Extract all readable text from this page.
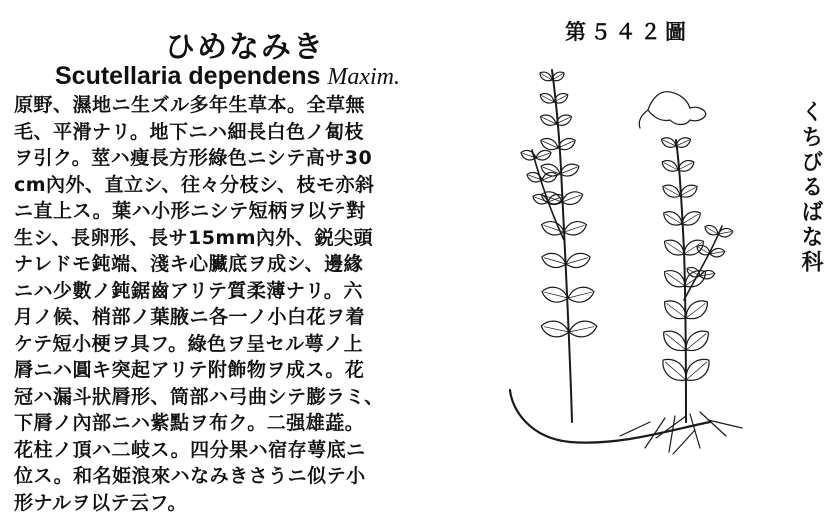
ひめなみき
Scutellaria dependens Maxim.
原野、濕地ニ生ズル多年生草本。全草無
毛、平滑ナリ。地下ニハ細長白色ノ匐枝
ヲ引ク。莖ハ痩長方形綠色ニシテ高サ30
cm內外、直立シ、往々分枝シ、枝モ亦斜
ニ直上ス。葉ハ小形ニシテ短柄ヲ以テ對
生シ、長卵形、長サ15mm內外、鋭尖頭
ナレドモ鈍端、淺キ心臟底ヲ成シ、邊緣
ニハ少數ノ鈍鋸齒アリテ質柔薄ナリ。六
月ノ候、梢部ノ葉腋ニ各一ノ小白花ヲ着
ケテ短小梗ヲ具フ。綠色ヲ呈セル萼ノ上
脣ニハ圓キ突起アリテ附飾物ヲ成ス。花
冠ハ漏斗狀脣形、筒部ハ弓曲シテ膨ラミ、
下脣ノ內部ニハ紫點ヲ布ク。二强雄蕋。
花柱ノ頂ハ二岐ス。四分果ハ宿存萼底ニ
位ス。和名姫浪來ハなみきさうニ似テ小
形ナルヲ以テ云フ。
第５４２圖
くちびるばな科
